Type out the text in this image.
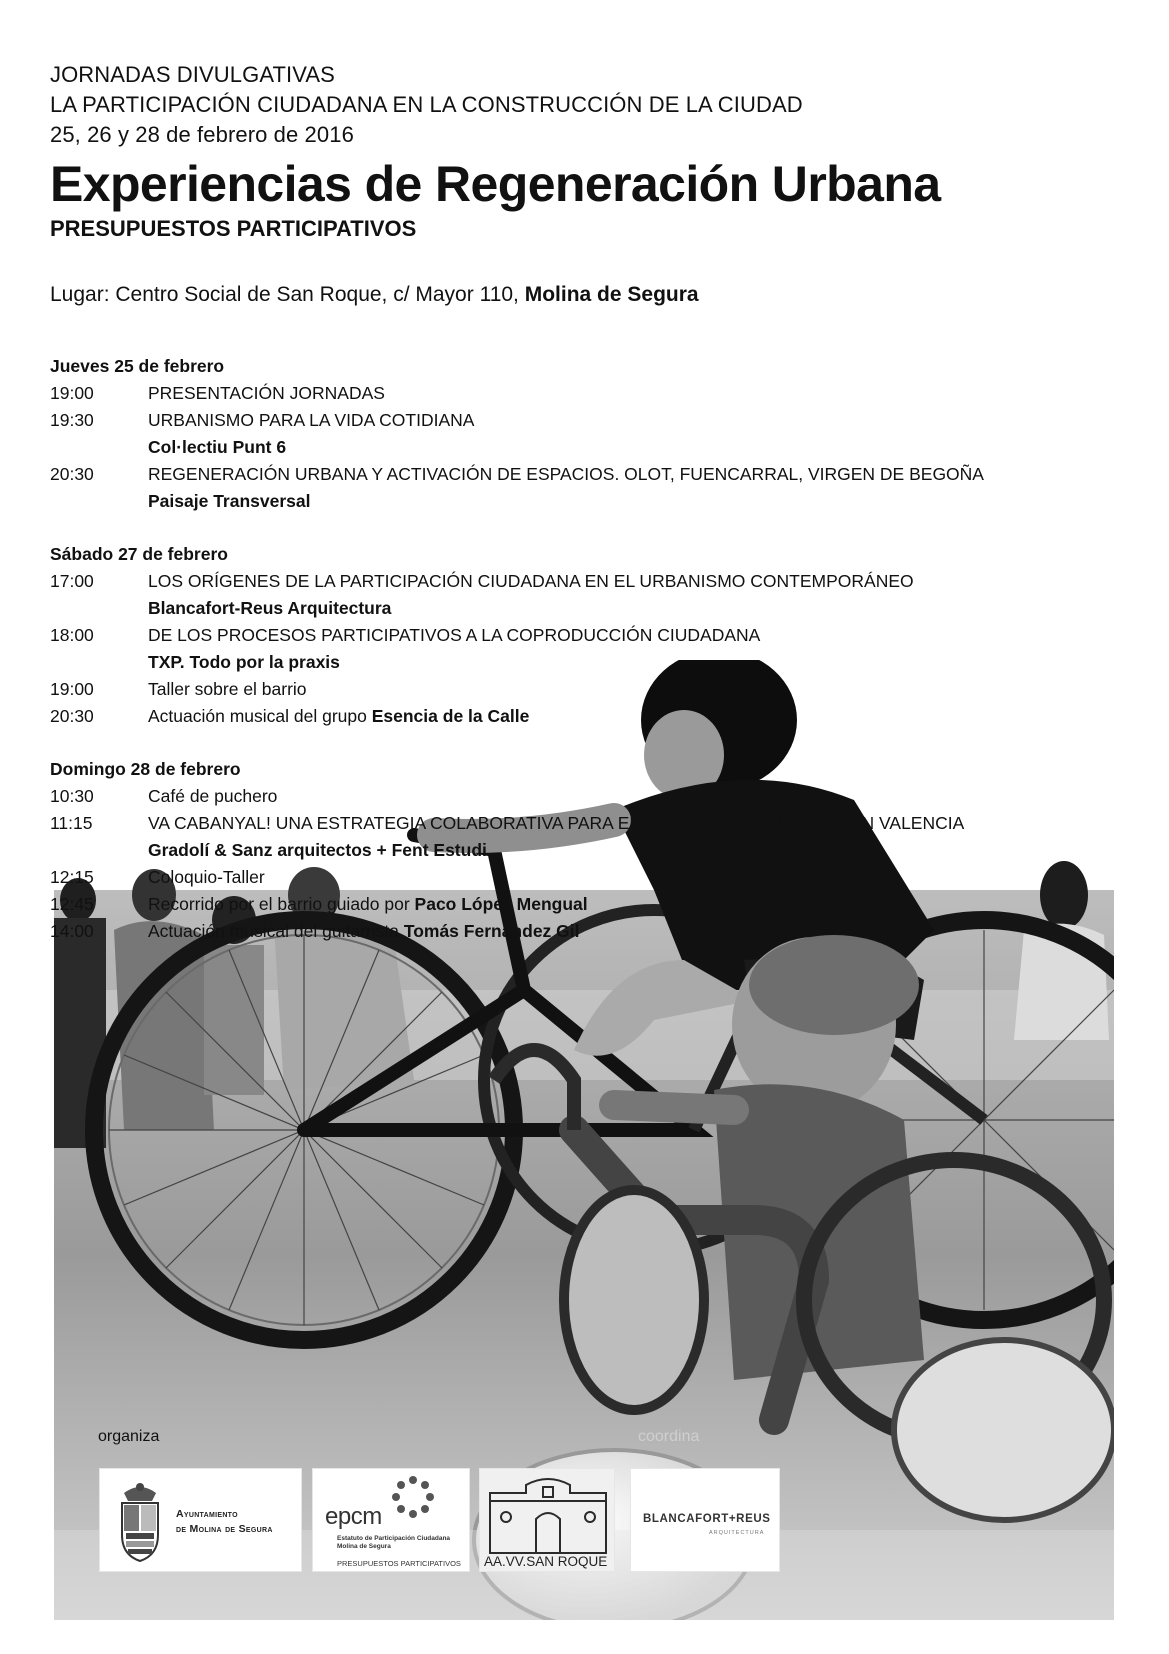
JORNADAS DIVULGATIVAS
LA PARTICIPACIÓN CIUDADANA EN LA CONSTRUCCIÓN DE LA CIUDAD
25, 26 y 28 de febrero de 2016
Experiencias de Regeneración Urbana
PRESUPUESTOS PARTICIPATIVOS
Lugar: Centro Social de San Roque, c/ Mayor 110, Molina de Segura
Jueves 25 de febrero
19:00	PRESENTACIÓN JORNADAS
19:30	URBANISMO PARA LA VIDA COTIDIANA
Col·lectiu Punt 6
20:30	REGENERACIÓN URBANA Y ACTIVACIÓN DE ESPACIOS. OLOT, FUENCARRAL, VIRGEN DE BEGOÑA
Paisaje Transversal
Sábado 27 de febrero
17:00	LOS ORÍGENES DE LA PARTICIPACIÓN CIUDADANA EN EL URBANISMO CONTEMPORÁNEO
Blancafort-Reus Arquitectura
18:00	DE LOS PROCESOS PARTICIPATIVOS A LA COPRODUCCIÓN CIUDADANA
TXP. Todo por la praxis
19:00	Taller sobre el barrio
20:30	Actuación musical del grupo Esencia de la Calle
Domingo 28 de febrero
10:30	Café de puchero
11:15	VA CABANYAL! UNA ESTRATEGIA COLABORATIVA PARA EL BARRIO DEL CABANYAL EN VALENCIA
Gradolí & Sanz arquitectos + Fent Estudi
12:15	Coloquio-Taller
12:45	Recorrido por el barrio guiado por Paco López Mengual
14:00	Actuación musical del guitarrista Tomás Fernández Gil
organiza	coordina
Ayuntamiento
de Molina de Segura epcm
Estatuto de Participación Ciudadana
Molina de Segura
PRESUPUESTOS PARTICIPATIVOS	AA.VV.SAN ROQUE
BLANCAFORT+REUS
ARQUITECTURA
